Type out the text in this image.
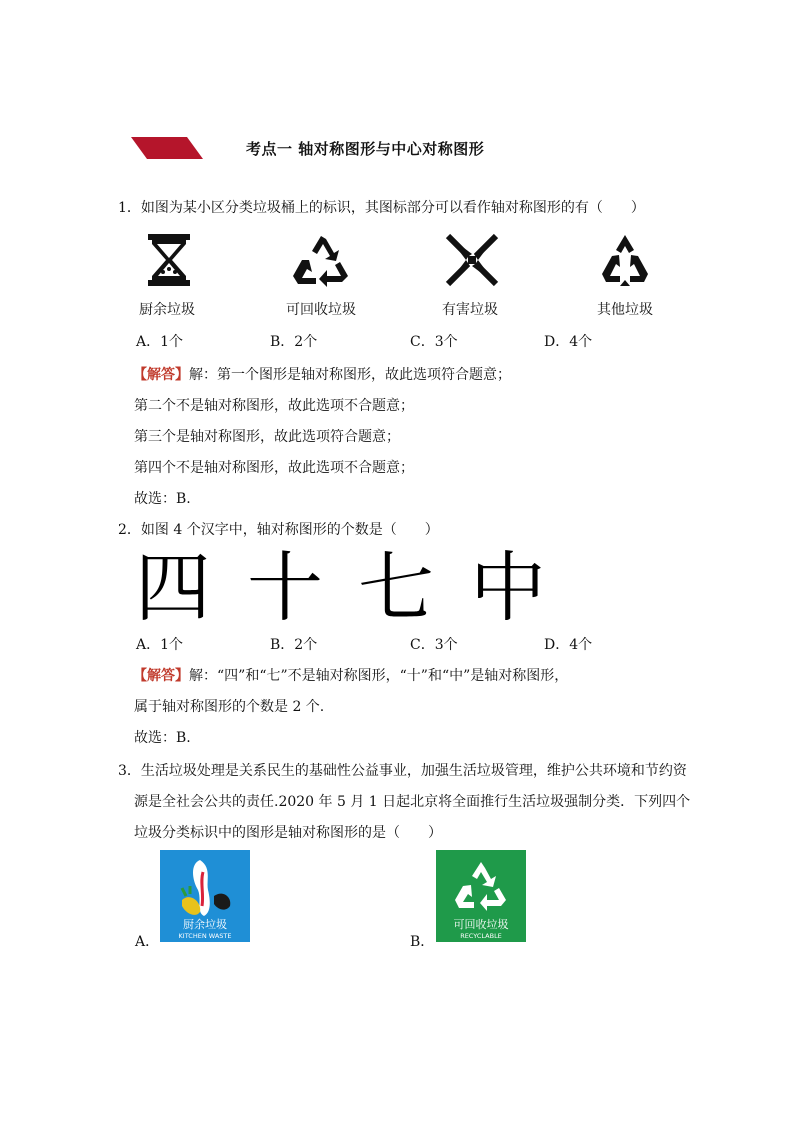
考点一 轴对称图形与中心对称图形
1．如图为某小区分类垃圾桶上的标识，其图标部分可以看作轴对称图形的有（　　）
厨余垃圾	可回收垃圾	有害垃圾	其他垃圾
A．1个	B．2个	C．3个	D．4个
【解答】解：第一个图形是轴对称图形，故此选项符合题意；
第二个不是轴对称图形，故此选项不合题意；
第三个是轴对称图形，故此选项符合题意；
第四个不是轴对称图形，故此选项不合题意；
故选：B.
2．如图 4 个汉字中，轴对称图形的个数是（　　）
四 十 七 中
A．1个	B．2个	C．3个	D．4个
【解答】解：“四”和“七”不是轴对称图形，“十”和“中”是轴对称图形，
属于轴对称图形的个数是 2 个.
故选：B.
3．生活垃圾处理是关系民生的基础性公益事业，加强生活垃圾管理，维护公共环境和节约资
源是全社会公共的责任.2020 年 5 月 1 日起北京将全面推行生活垃圾强制分类．下列四个
垃圾分类标识中的图形是轴对称图形的是（　　）
厨余垃圾
KITCHEN WASTE
A．
可回收垃圾
RECYCLABLE
B．
